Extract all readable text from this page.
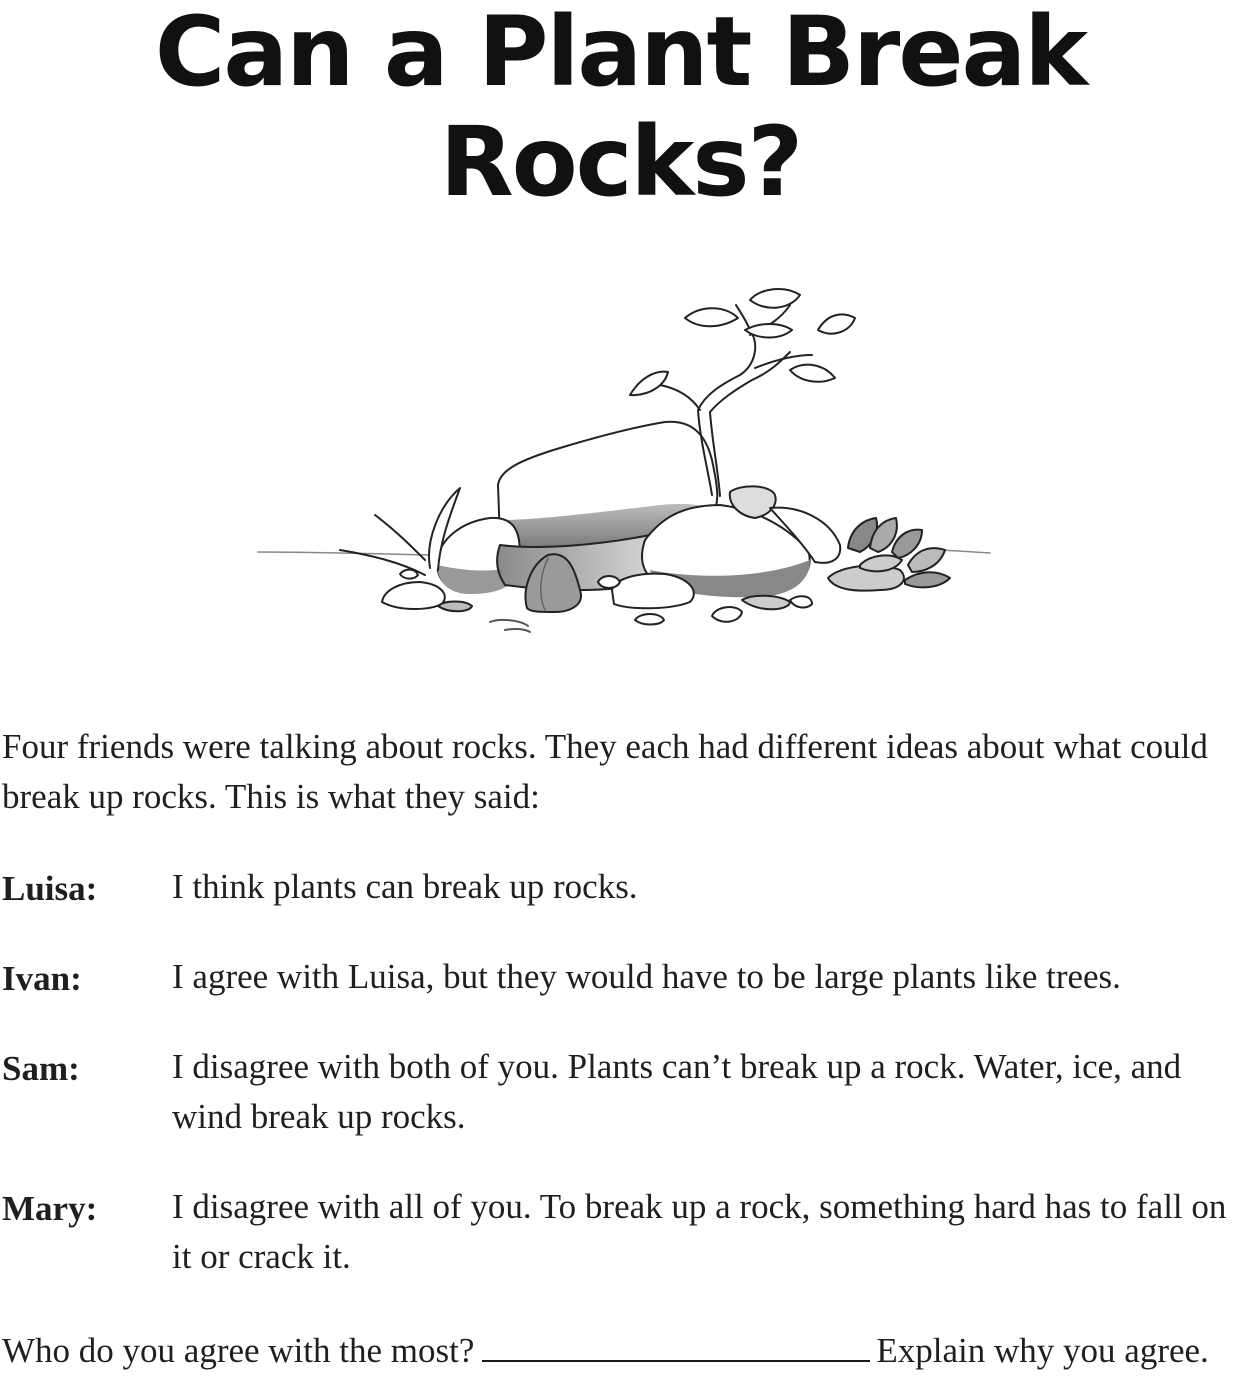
Can a Plant Break
Rocks?
Four friends were talking about rocks. They each had different ideas about what could break up rocks. This is what they said:
Luisa: I think plants can break up rocks.
Ivan:	I agree with Luisa, but they would have to be large plants like trees.
Sam:	I disagree with both of you. Plants can’t break up a rock. Water, ice, and wind break up rocks.
Mary: I disagree with all of you. To break up a rock, something hard has to fall on it or crack it.
Who do you agree with the most?	Explain why you agree.
